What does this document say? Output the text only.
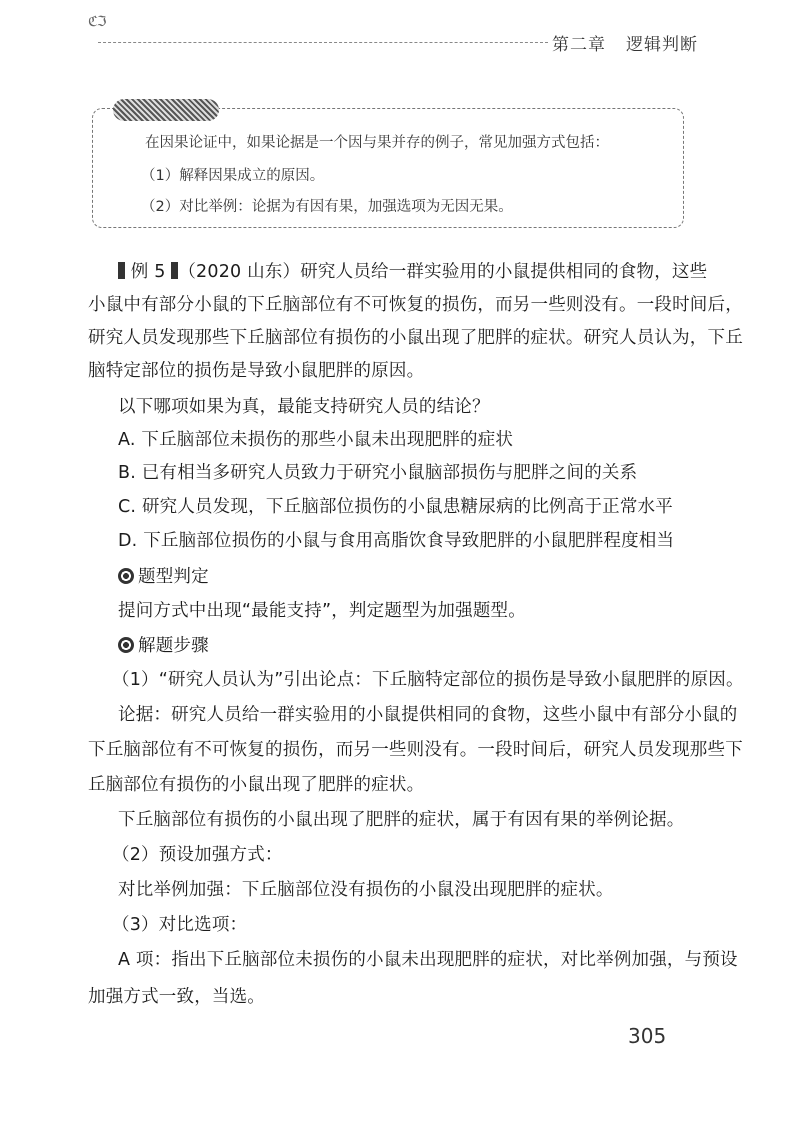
ℭℑ
第二章 逻辑判断
在因果论证中，如果论据是一个因与果并存的例子，常见加强方式包括：
（1）解释因果成立的原因。
（2）对比举例：论据为有因有果，加强选项为无因无果。
例 5 （2020 山东）研究人员给一群实验用的小鼠提供相同的食物，这些
小鼠中有部分小鼠的下丘脑部位有不可恢复的损伤，而另一些则没有。一段时间后，
研究人员发现那些下丘脑部位有损伤的小鼠出现了肥胖的症状。研究人员认为，下丘
脑特定部位的损伤是导致小鼠肥胖的原因。
以下哪项如果为真，最能支持研究人员的结论？
A. 下丘脑部位未损伤的那些小鼠未出现肥胖的症状
B. 已有相当多研究人员致力于研究小鼠脑部损伤与肥胖之间的关系
C. 研究人员发现，下丘脑部位损伤的小鼠患糖尿病的比例高于正常水平
D. 下丘脑部位损伤的小鼠与食用高脂饮食导致肥胖的小鼠肥胖程度相当
题型判定
提问方式中出现“最能支持”，判定题型为加强题型。
解题步骤
（1）“研究人员认为”引出论点：下丘脑特定部位的损伤是导致小鼠肥胖的原因。
论据：研究人员给一群实验用的小鼠提供相同的食物，这些小鼠中有部分小鼠的
下丘脑部位有不可恢复的损伤，而另一些则没有。一段时间后，研究人员发现那些下
丘脑部位有损伤的小鼠出现了肥胖的症状。
下丘脑部位有损伤的小鼠出现了肥胖的症状，属于有因有果的举例论据。
（2）预设加强方式：
对比举例加强：下丘脑部位没有损伤的小鼠没出现肥胖的症状。
（3）对比选项：
A 项：指出下丘脑部位未损伤的小鼠未出现肥胖的症状，对比举例加强，与预设
加强方式一致，当选。
305
